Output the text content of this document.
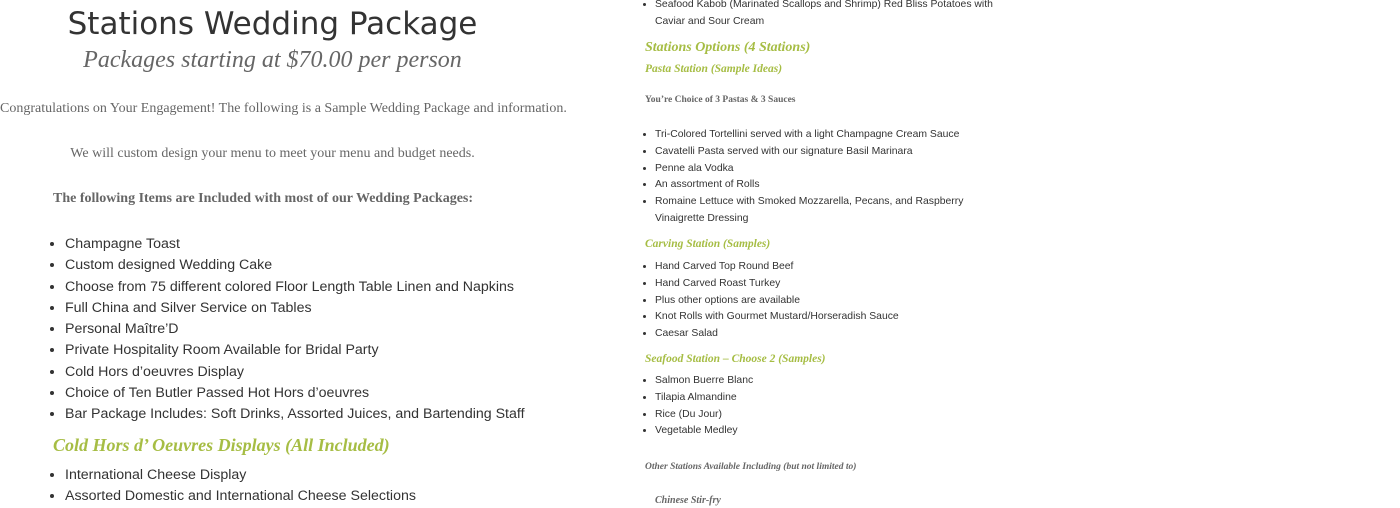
Stations Wedding Package
Packages starting at $70.00 per person
Congratulations on Your Engagement! The following is a Sample Wedding Package and information.
We will custom design your menu to meet your menu and budget needs.
The following Items are Included with most of our Wedding Packages:
• Champagne Toast
• Custom designed Wedding Cake
• Choose from 75 different colored Floor Length Table Linen and Napkins
• Full China and Silver Service on Tables
• Personal Maître’D
• Private Hospitality Room Available for Bridal Party
• Cold Hors d’oeuvres Display
• Choice of Ten Butler Passed Hot Hors d’oeuvres
• Bar Package Includes: Soft Drinks, Assorted Juices, and Bartending Staff
Cold Hors d’ Oeuvres Displays (All Included)
• International Cheese Display
• Assorted Domestic and International Cheese Selections
• Seafood Kabob (Marinated Scallops and Shrimp) Red Bliss Potatoes with Caviar and Sour Cream
Stations Options (4 Stations)
Pasta Station (Sample Ideas)
You’re Choice of 3 Pastas & 3 Sauces
• Tri-Colored Tortellini served with a light Champagne Cream Sauce
• Cavatelli Pasta served with our signature Basil Marinara
• Penne ala Vodka
• An assortment of Rolls
• Romaine Lettuce with Smoked Mozzarella, Pecans, and Raspberry Vinaigrette Dressing
Carving Station (Samples)
• Hand Carved Top Round Beef
• Hand Carved Roast Turkey
• Plus other options are available
• Knot Rolls with Gourmet Mustard/Horseradish Sauce
• Caesar Salad
Seafood Station – Choose 2 (Samples)
• Salmon Buerre Blanc
• Tilapia Almandine
• Rice (Du Jour)
• Vegetable Medley
Other Stations Available Including (but not limited to)
Chinese Stir-fry
